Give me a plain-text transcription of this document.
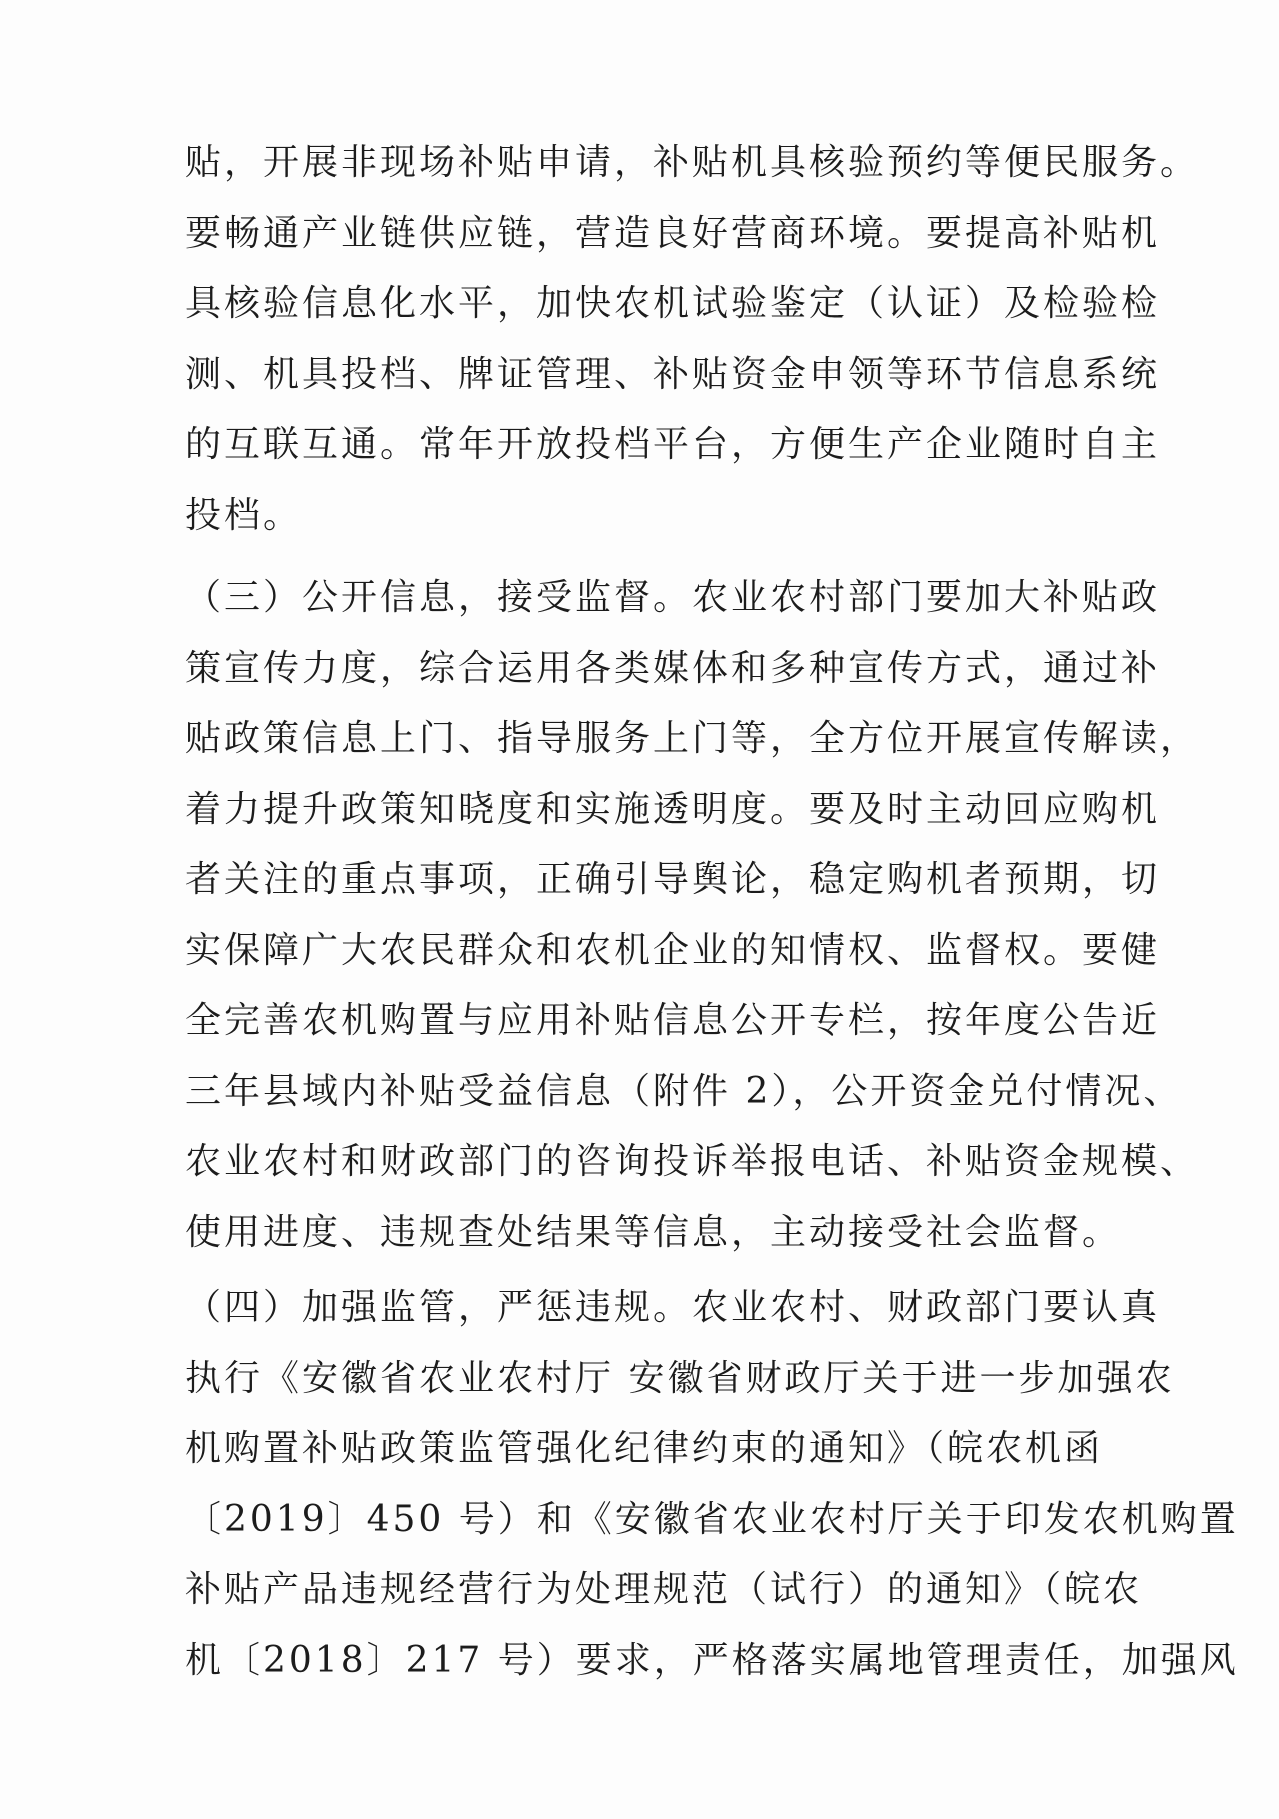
贴，开展非现场补贴申请，补贴机具核验预约等便民服务。
要畅通产业链供应链，营造良好营商环境。要提高补贴机
具核验信息化水平，加快农机试验鉴定（认证）及检验检
测、机具投档、牌证管理、补贴资金申领等环节信息系统
的互联互通。常年开放投档平台，方便生产企业随时自主
投档。
（三）公开信息，接受监督。农业农村部门要加大补贴政
策宣传力度，综合运用各类媒体和多种宣传方式，通过补
贴政策信息上门、指导服务上门等，全方位开展宣传解读，
着力提升政策知晓度和实施透明度。要及时主动回应购机
者关注的重点事项，正确引导舆论，稳定购机者预期，切
实保障广大农民群众和农机企业的知情权、监督权。要健
全完善农机购置与应用补贴信息公开专栏，按年度公告近
三年县域内补贴受益信息（附件 2），公开资金兑付情况、
农业农村和财政部门的咨询投诉举报电话、补贴资金规模、
使用进度、违规查处结果等信息，主动接受社会监督。
（四）加强监管，严惩违规。农业农村、财政部门要认真
执行《安徽省农业农村厅 安徽省财政厅关于进一步加强农
机购置补贴政策监管强化纪律约束的通知》（皖农机函
〔2019〕450 号）和《安徽省农业农村厅关于印发农机购置
补贴产品违规经营行为处理规范（试行）的通知》（皖农
机〔2018〕217 号）要求，严格落实属地管理责任，加强风
